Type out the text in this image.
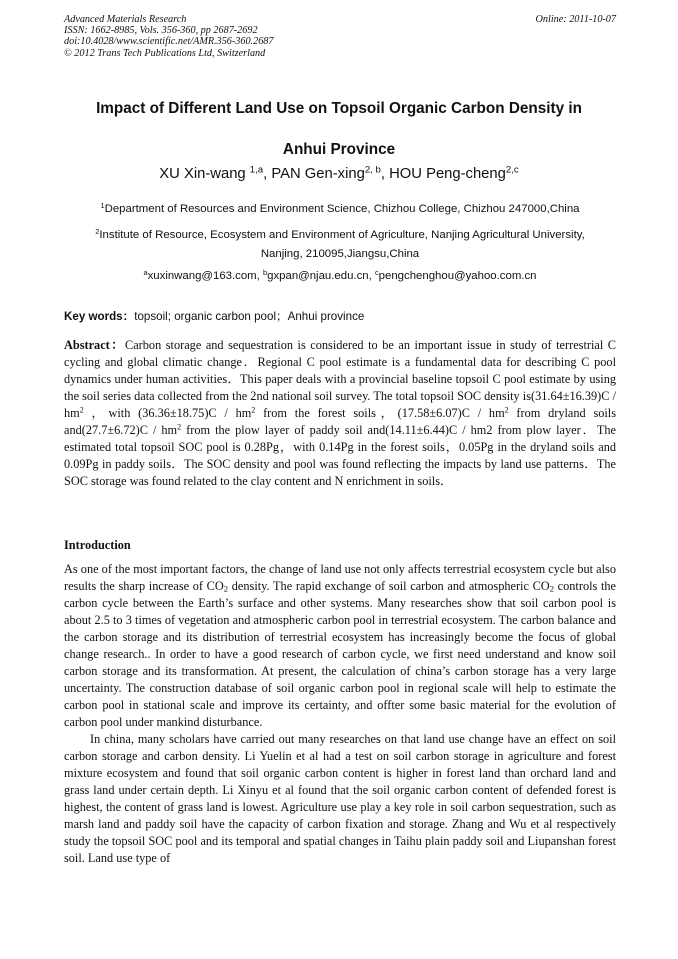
Advanced Materials Research
ISSN: 1662-8985, Vols. 356-360, pp 2687-2692
doi:10.4028/www.scientific.net/AMR.356-360.2687
© 2012 Trans Tech Publications Ltd, Switzerland
Online: 2011-10-07
Impact of Different Land Use on Topsoil Organic Carbon Density in
Anhui Province
XU Xin-wang $^{1,a}$, PAN Gen-xing$^{2, b}$, HOU Peng-cheng$^{2,c}$
$^1$Department of Resources and Environment Science, Chizhou College, Chizhou 247000,China
$^2$Institute of Resource, Ecosystem and Environment of Agriculture, Nanjing Agricultural University,
Nanjing, 210095,Jiangsu,China
$^a$xuxinwang@163.com, $^b$gxpan@njau.edu.cn, $^c$pengchenghou@yahoo.com.cn
Key words：topsoil; organic carbon pool；Anhui province
Abstract：Carbon storage and sequestration is considered to be an important issue in study of terrestrial C cycling and global climatic change．Regional C pool estimate is a fundamental data for describing C pool dynamics under human activities．This paper deals with a provincial baseline topsoil C pool estimate by using the soil series data collected from the 2nd national soil survey. The total topsoil SOC density $is(31.64\pm 16.39)C / hm^2$ ，with $(36.36\pm 18.75)C / hm^2$ from the forest soils，$(17.58\pm 6.07)C / hm^2$ from dryland soils $and(27.7\pm 6.72)C / hm^2$ from the plow layer of paddy soil and(14.11±6.44)C / hm2 from plow layer．The estimated total topsoil SOC pool is 0.28Pg，with 0.14Pg in the forest soils，0.05Pg in the dryland soils and 0.09Pg in paddy soils．The SOC density and pool was found reflecting the impacts by land use patterns．The SOC storage was found related to the clay content and N enrichment in soils．
Introduction
As one of the most important factors, the change of land use not only affects terrestrial ecosystem cycle but also results the sharp increase of $CO_2$ density. The rapid exchange of soil carbon and atmospheric $CO_2$ controls the carbon cycle between the Earth’s surface and other systems. Many researches show that soil carbon pool is about 2.5 to 3 times of vegetation and atmospheric carbon pool in terrestrial ecosystem. The carbon balance and the carbon storage and its distribution of terrestrial ecosystem has increasingly become the focus of global change research.. In order to have a good research of carbon cycle, we first need understand and know soil carbon storage and its transformation. At present, the calculation of china’s carbon storage has a very large uncertainty. The construction database of soil organic carbon pool in regional scale will help to estimate the carbon pool in stational scale and improve its certainty, and offter some basic material for the evolution of carbon pool under mankind disturbance.
In china, many scholars have carried out many researches on that land use change have an effect on soil carbon storage and carbon density. Li Yuelin et al had a test on soil carbon storage in agriculture and forest mixture ecosystem and found that soil organic carbon content is higher in forest land than orchard land and grass land under certain depth. Li Xinyu et al found that the soil organic carbon content of defended forest is highest, the content of grass land is lowest. Agriculture use play a key role in soil carbon sequestration, such as marsh land and paddy soil have the capacity of carbon fixation and storage. Zhang and Wu et al respectively study the topsoil SOC pool and its temporal and spatial changes in Taihu plain paddy soil and Liupanshan forest soil. Land use type of
